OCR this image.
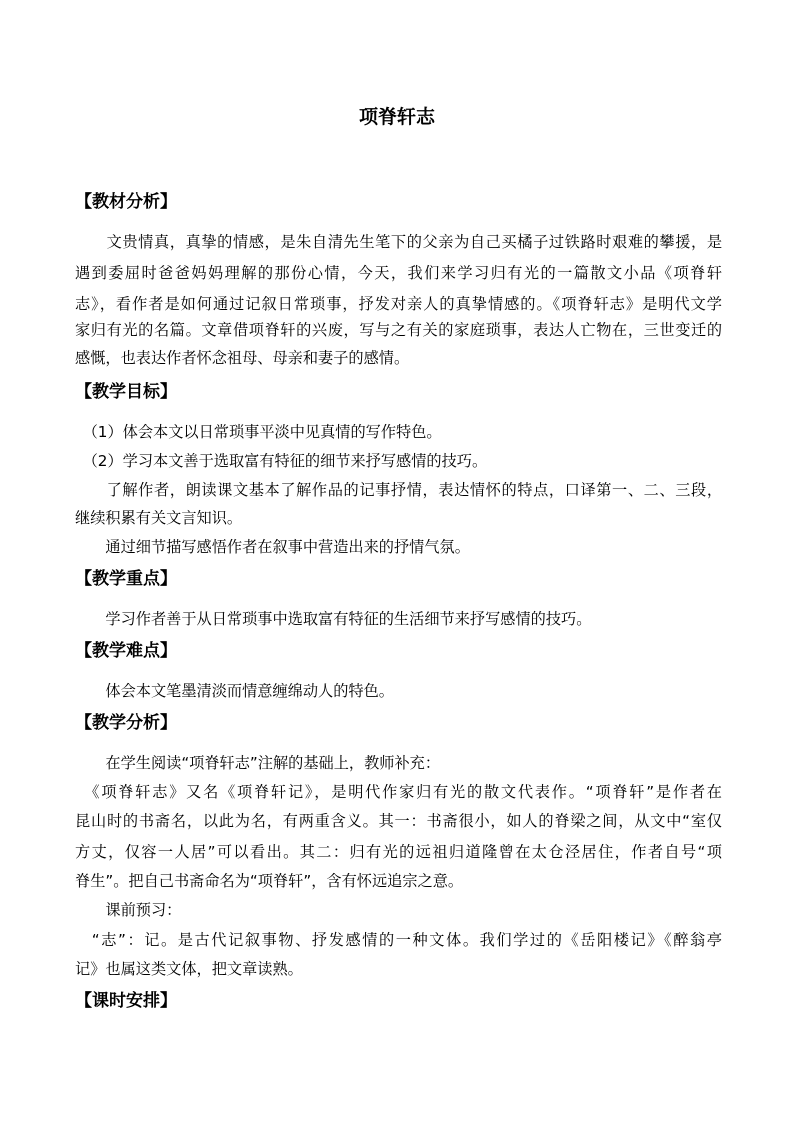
项脊轩志
【教材分析】

　　文贵情真，真挚的情感，是朱自清先生笔下的父亲为自己买橘子过铁路时艰难的攀援，是

遇到委屈时爸爸妈妈理解的那份心情，今天，我们来学习归有光的一篇散文小品《项脊轩

志》，看作者是如何通过记叙日常琐事，抒发对亲人的真挚情感的。《项脊轩志》是明代文学

家归有光的名篇。文章借项脊轩的兴废，写与之有关的家庭琐事，表达人亡物在，三世变迁的

感慨，也表达作者怀念祖母、母亲和妻子的感情。

【教学目标】

　（1）体会本文以日常琐事平淡中见真情的写作特色。

　（2）学习本文善于选取富有特征的细节来抒写感情的技巧。

　　了解作者，朗读课文基本了解作品的记事抒情，表达情怀的特点，口译第一、二、三段，

继续积累有关文言知识。

　　通过细节描写感悟作者在叙事中营造出来的抒情气氛。

【教学重点】

　　学习作者善于从日常琐事中选取富有特征的生活细节来抒写感情的技巧。

【教学难点】

　　体会本文笔墨清淡而情意缠绵动人的特色。

【教学分析】

　　在学生阅读“项脊轩志”注解的基础上，教师补充：

　《项脊轩志》又名《项脊轩记》，是明代作家归有光的散文代表作。“项脊轩”是作者在

昆山时的书斋名，以此为名，有两重含义。其一：书斋很小，如人的脊梁之间，从文中“室仅

方丈，仅容一人居”可以看出。其二：归有光的远祖归道隆曾在太仓泾居住，作者自号“项

脊生”。把自己书斋命名为“项脊轩”，含有怀远追宗之意。

　　课前预习：

　“志”：记。是古代记叙事物、抒发感情的一种文体。我们学过的《岳阳楼记》《醉翁亭

记》也属这类文体，把文章读熟。

【课时安排】
